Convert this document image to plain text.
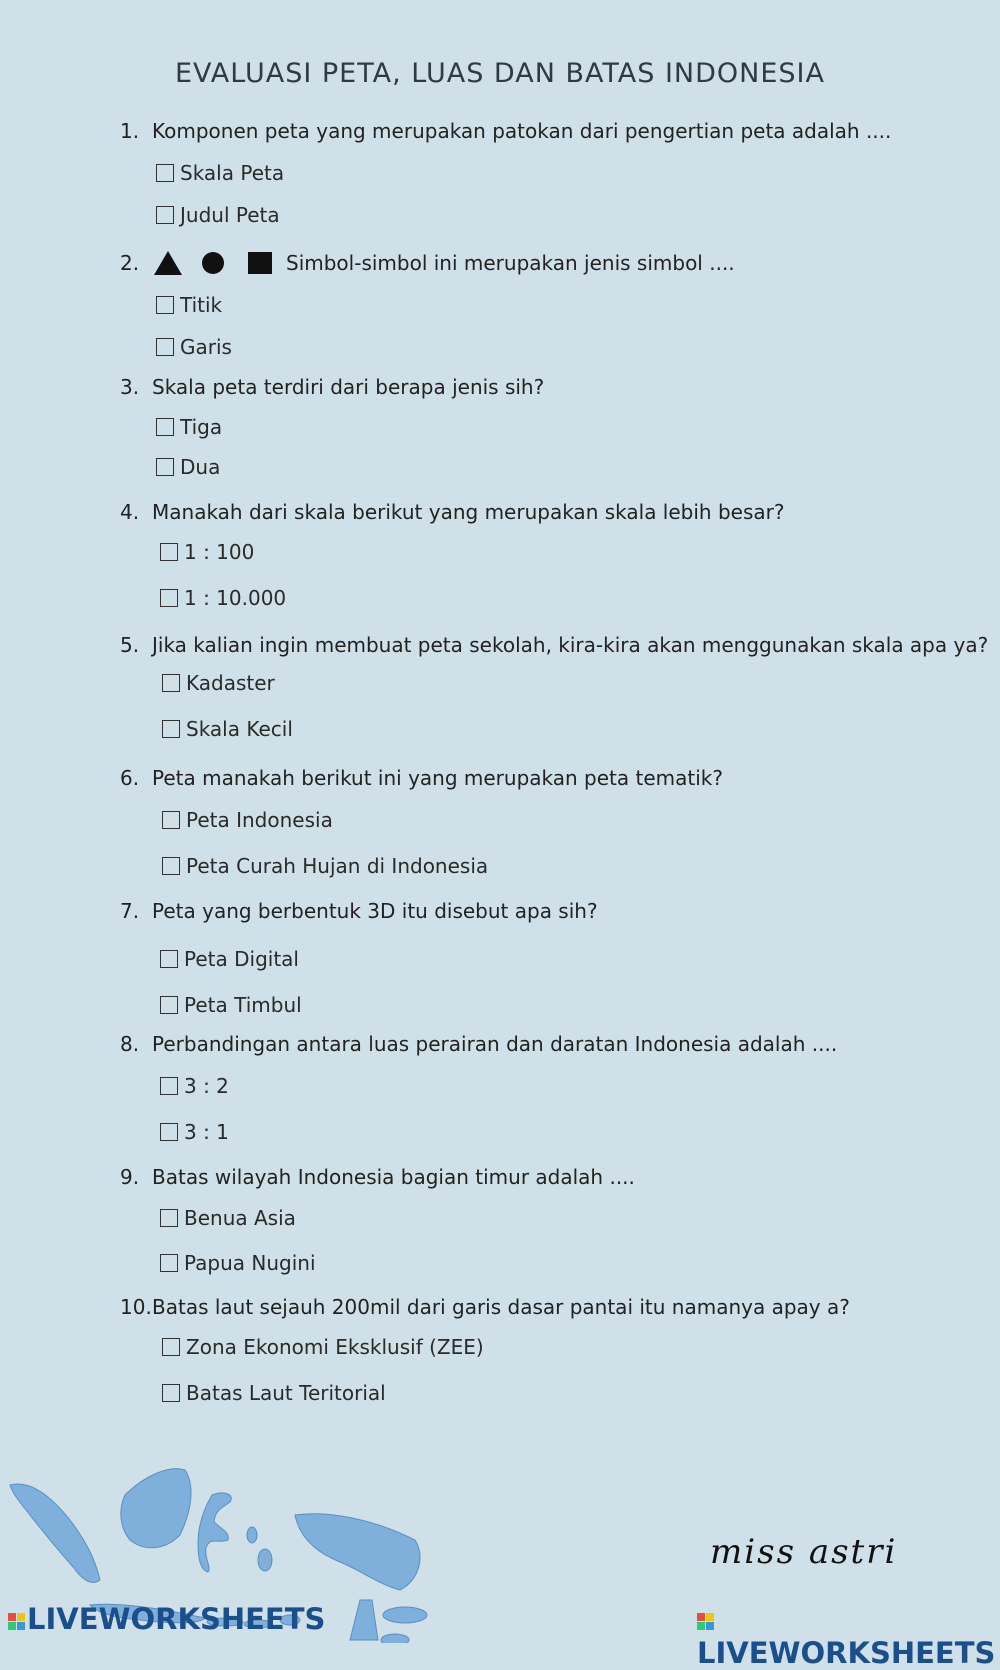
EVALUASI PETA, LUAS DAN BATAS INDONESIA
1. Komponen peta yang merupakan patokan dari pengertian peta adalah ....
Skala Peta
Judul Peta
2.	Simbol-simbol ini merupakan jenis simbol ....
Titik
Garis
3. Skala peta terdiri dari berapa jenis sih?
Tiga
Dua
4. Manakah dari skala berikut yang merupakan skala lebih besar?
1 : 100
1 : 10.000
5. Jika kalian ingin membuat peta sekolah, kira-kira akan menggunakan skala apa ya?
Kadaster
Skala Kecil
6. Peta manakah berikut ini yang merupakan peta tematik?
Peta Indonesia
Peta Curah Hujan di Indonesia
7. Peta yang berbentuk 3D itu disebut apa sih?
Peta Digital
Peta Timbul
8. Perbandingan antara luas perairan dan daratan Indonesia adalah ....
3 : 2
3 : 1
9. Batas wilayah Indonesia bagian timur adalah ....
Benua Asia
Papua Nugini
10.Batas laut sejauh 200mil dari garis dasar pantai itu namanya apay a?
Zona Ekonomi Eksklusif (ZEE)
Batas Laut Teritorial
LIVEWORKSHEETS
miss astri
LIVEWORKSHEETS
